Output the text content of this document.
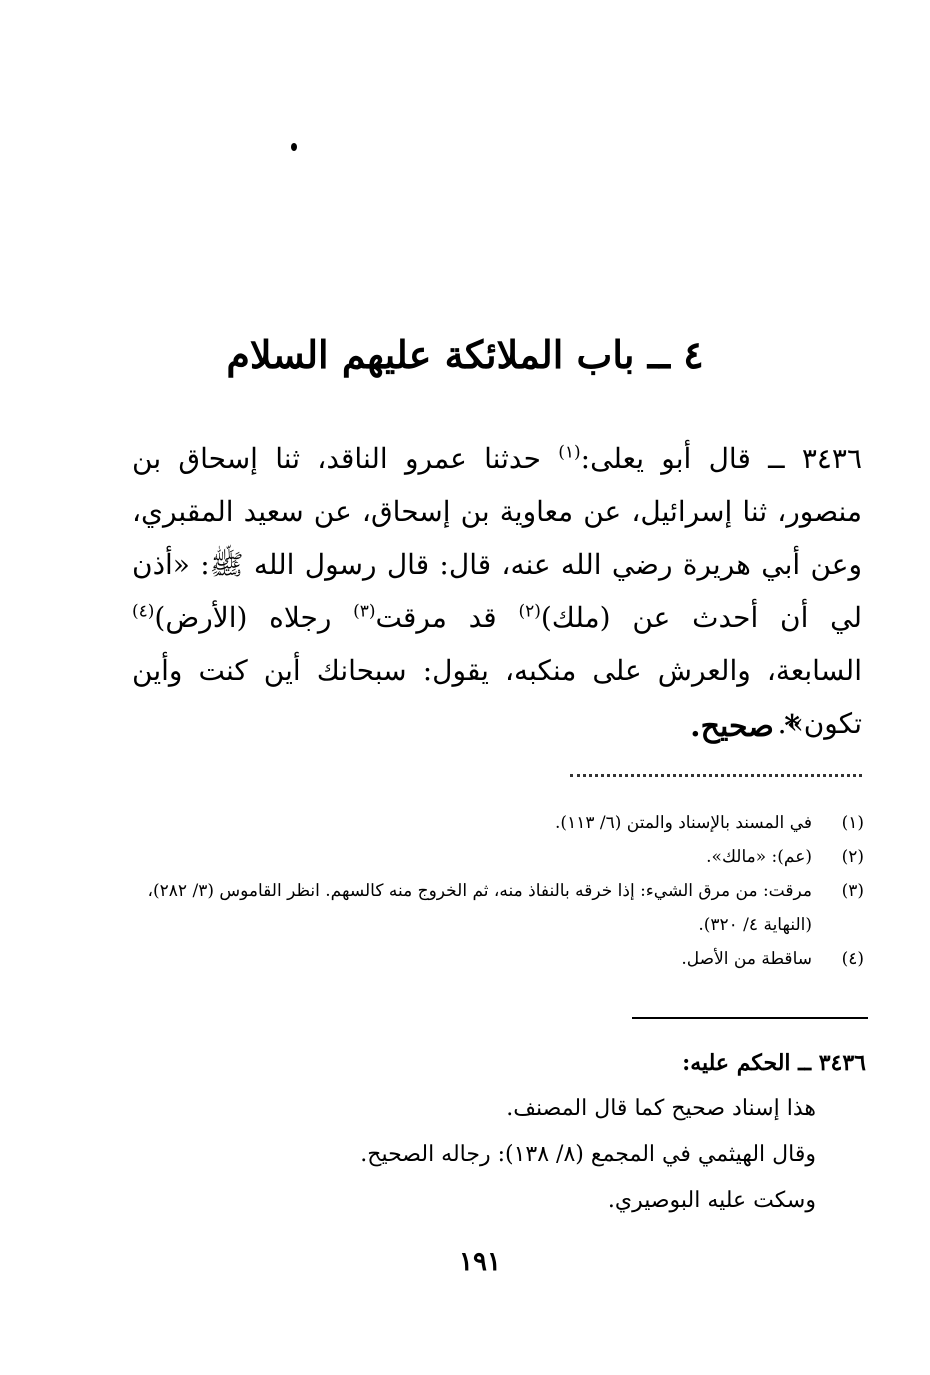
٤ ــ باب الملائكة عليهم السلام

٣٤٣٦ ــ قال أبو يعلى:$^{(١)}$ حدثنا عمرو الناقد، ثنا إسحاق بن منصور، ثنا إسرائيل، عن معاوية بن إسحاق، عن سعيد المقبري، وعن أبي هريرة رضي الله عنه، قال: قال رسول الله ﷺ: «أذن لي أن أحدث عن (ملك)$^{(٢)}$ قد مرقت$^{(٣)}$ رجلاه (الأرض)$^{(٤)}$ السابعة، والعرش على منكبه، يقول: سبحانك أين كنت وأين تكون».

* صحيح.
(١)
في المسند بالإسناد والمتن (٦/ ١١٣).
(٢)
(عم): «مالك».
(٣)
مرقت: من مرق الشيء: إذا خرقه بالنفاذ منه، ثم الخروج منه كالسهم. انظر القاموس (٣/ ٢٨٢)، (النهاية ٤/ ٣٢٠).
(٤)
ساقطة من الأصل.

٣٤٣٦ ــ الحكم عليه:

هذا إسناد صحيح كما قال المصنف.

وقال الهيثمي في المجمع (٨/ ١٣٨): رجاله الصحيح.

وسكت عليه البوصيري.

١٩١
